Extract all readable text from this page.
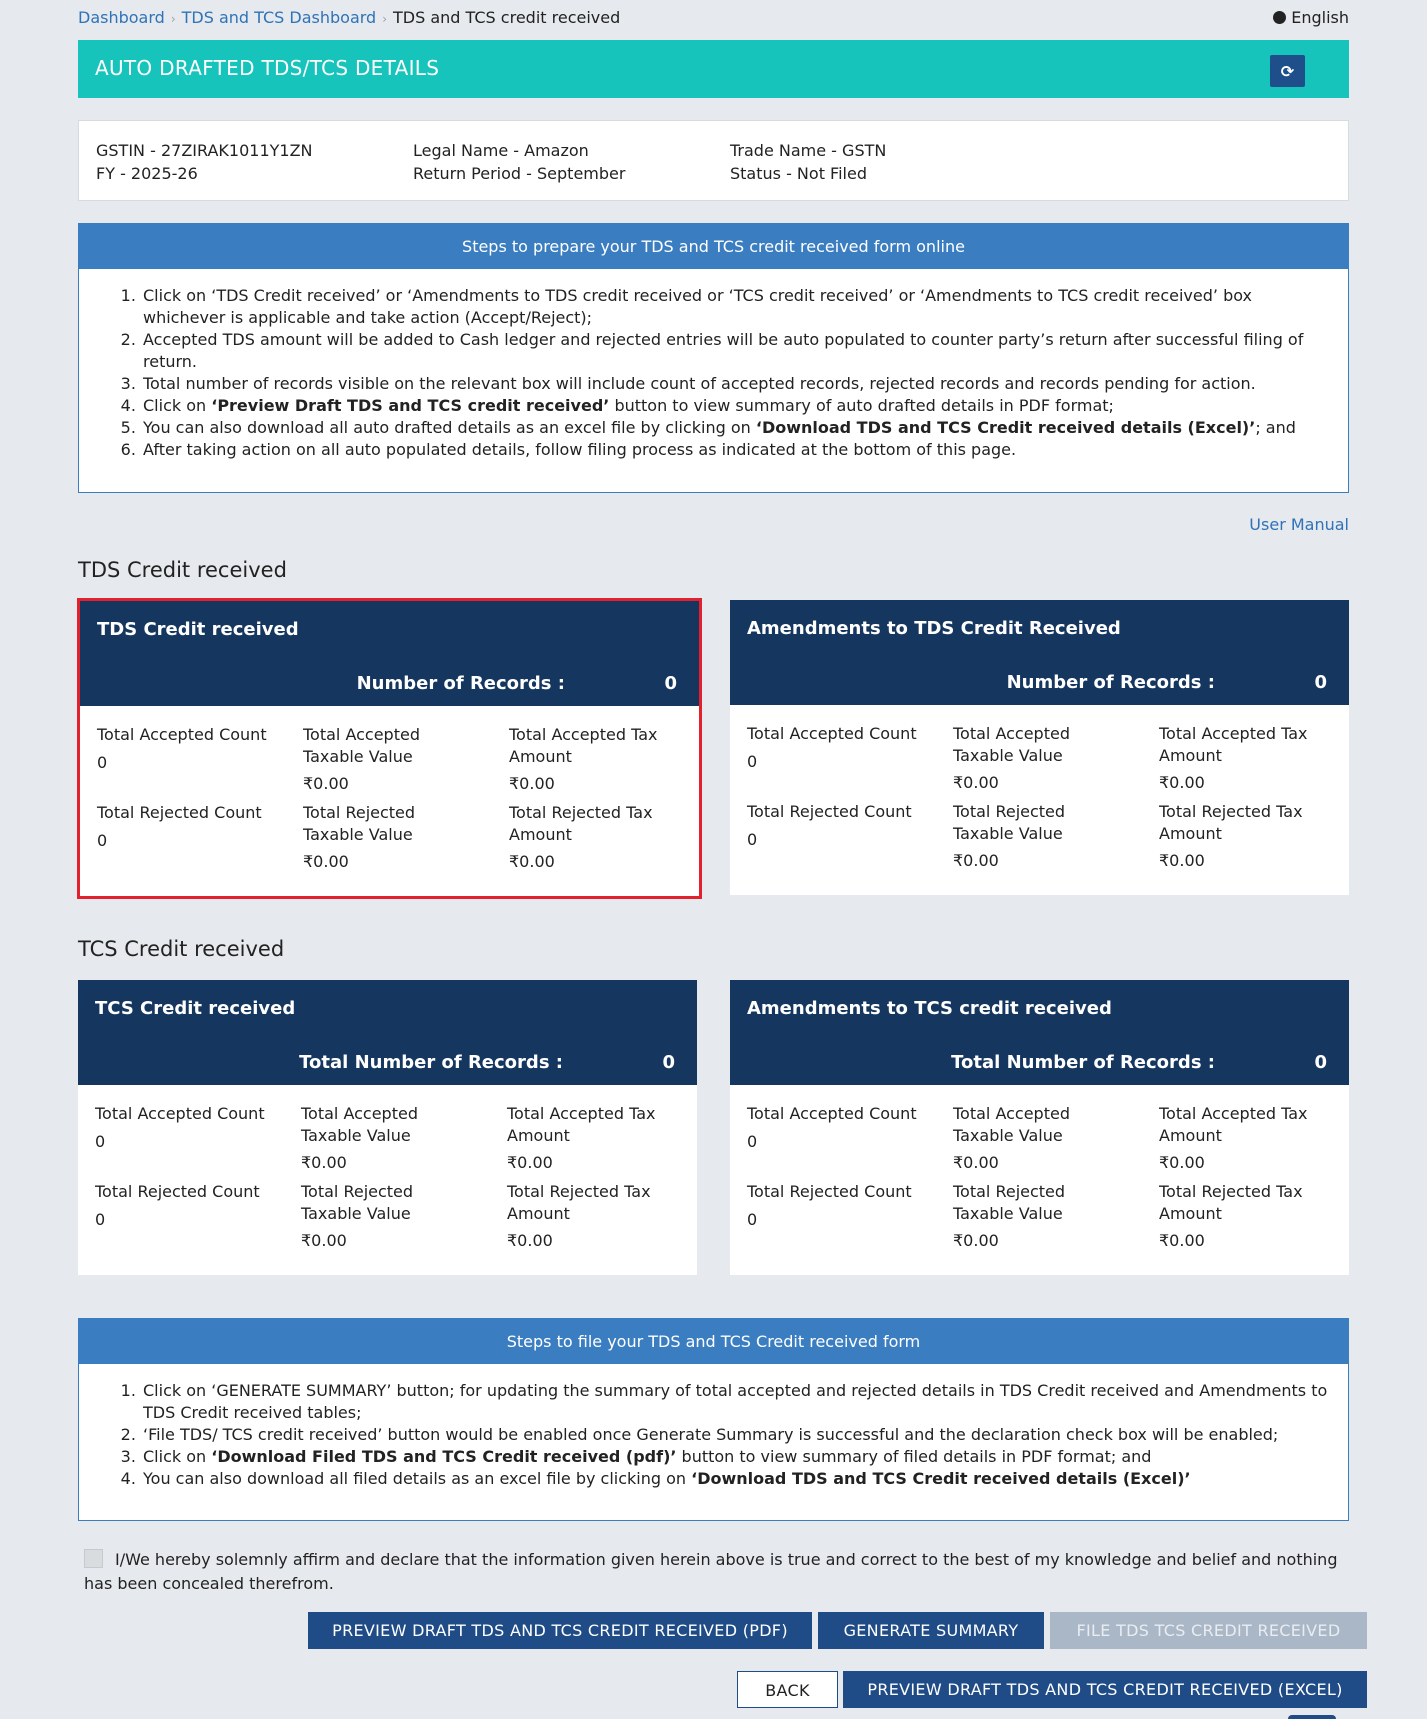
Dashboard › TDS and TCS Dashboard › TDS and TCS credit received	English
AUTO DRAFTED TDS/TCS DETAILS	⟳
GSTIN - 27ZIRAK1011Y1ZN
FY - 2025-26
Legal Name - Amazon
Return Period - September
Trade Name - GSTN
Status - Not Filed
Steps to prepare your TDS and TCS credit received form online
1. Click on ‘TDS Credit received’ or ‘Amendments to TDS credit received or ‘TCS credit received’ or ‘Amendments to TCS credit received’ box whichever is applicable and take action (Accept/Reject);
2. Accepted TDS amount will be added to Cash ledger and rejected entries will be auto populated to counter party’s return after successful filing of return.
3. Total number of records visible on the relevant box will include count of accepted records, rejected records and records pending for action.
4. Click on ‘Preview Draft TDS and TCS credit received’ button to view summary of auto drafted details in PDF format;
5. You can also download all auto drafted details as an excel file by clicking on ‘Download TDS and TCS Credit received details (Excel)’; and
6. After taking action on all auto populated details, follow filing process as indicated at the bottom of this page.
User Manual
TDS Credit received
TDS Credit received
Number of Records :	0
Total Accepted Count
0
Total Accepted
Taxable Value
₹0.00
Total Accepted Tax
Amount
₹0.00
Total Rejected Count
0
Total Rejected
Taxable Value
₹0.00
Total Rejected Tax
Amount
₹0.00
Amendments to TDS Credit Received
Number of Records :	0
Total Accepted Count
0
Total Accepted
Taxable Value
₹0.00
Total Accepted Tax
Amount
₹0.00
Total Rejected Count
0
Total Rejected
Taxable Value
₹0.00
Total Rejected Tax
Amount
₹0.00
TCS Credit received
TCS Credit received
Total Number of Records :	0
Total Accepted Count
0
Total Accepted
Taxable Value
₹0.00
Total Accepted Tax
Amount
₹0.00
Total Rejected Count
0
Total Rejected
Taxable Value
₹0.00
Total Rejected Tax
Amount
₹0.00
Amendments to TCS credit received
Total Number of Records :	0
Total Accepted Count
0
Total Accepted
Taxable Value
₹0.00
Total Accepted Tax
Amount
₹0.00
Total Rejected Count
0
Total Rejected
Taxable Value
₹0.00
Total Rejected Tax
Amount
₹0.00
Steps to file your TDS and TCS Credit received form
1. Click on ‘GENERATE SUMMARY’ button; for updating the summary of total accepted and rejected details in TDS Credit received and Amendments to TDS Credit received tables;
2. ‘File TDS/ TCS credit received’ button would be enabled once Generate Summary is successful and the declaration check box will be enabled;
3. Click on ‘Download Filed TDS and TCS Credit received (pdf)’ button to view summary of filed details in PDF format; and
4. You can also download all filed details as an excel file by clicking on ‘Download TDS and TCS Credit received details (Excel)’
I/We hereby solemnly affirm and declare that the information given herein above is true and correct to the best of my knowledge and belief and nothing has been concealed therefrom.
PREVIEW DRAFT TDS AND TCS CREDIT RECEIVED (PDF)	GENERATE SUMMARY	FILE TDS TCS CREDIT RECEIVED
BACK	PREVIEW DRAFT TDS AND TCS CREDIT RECEIVED (EXCEL)
